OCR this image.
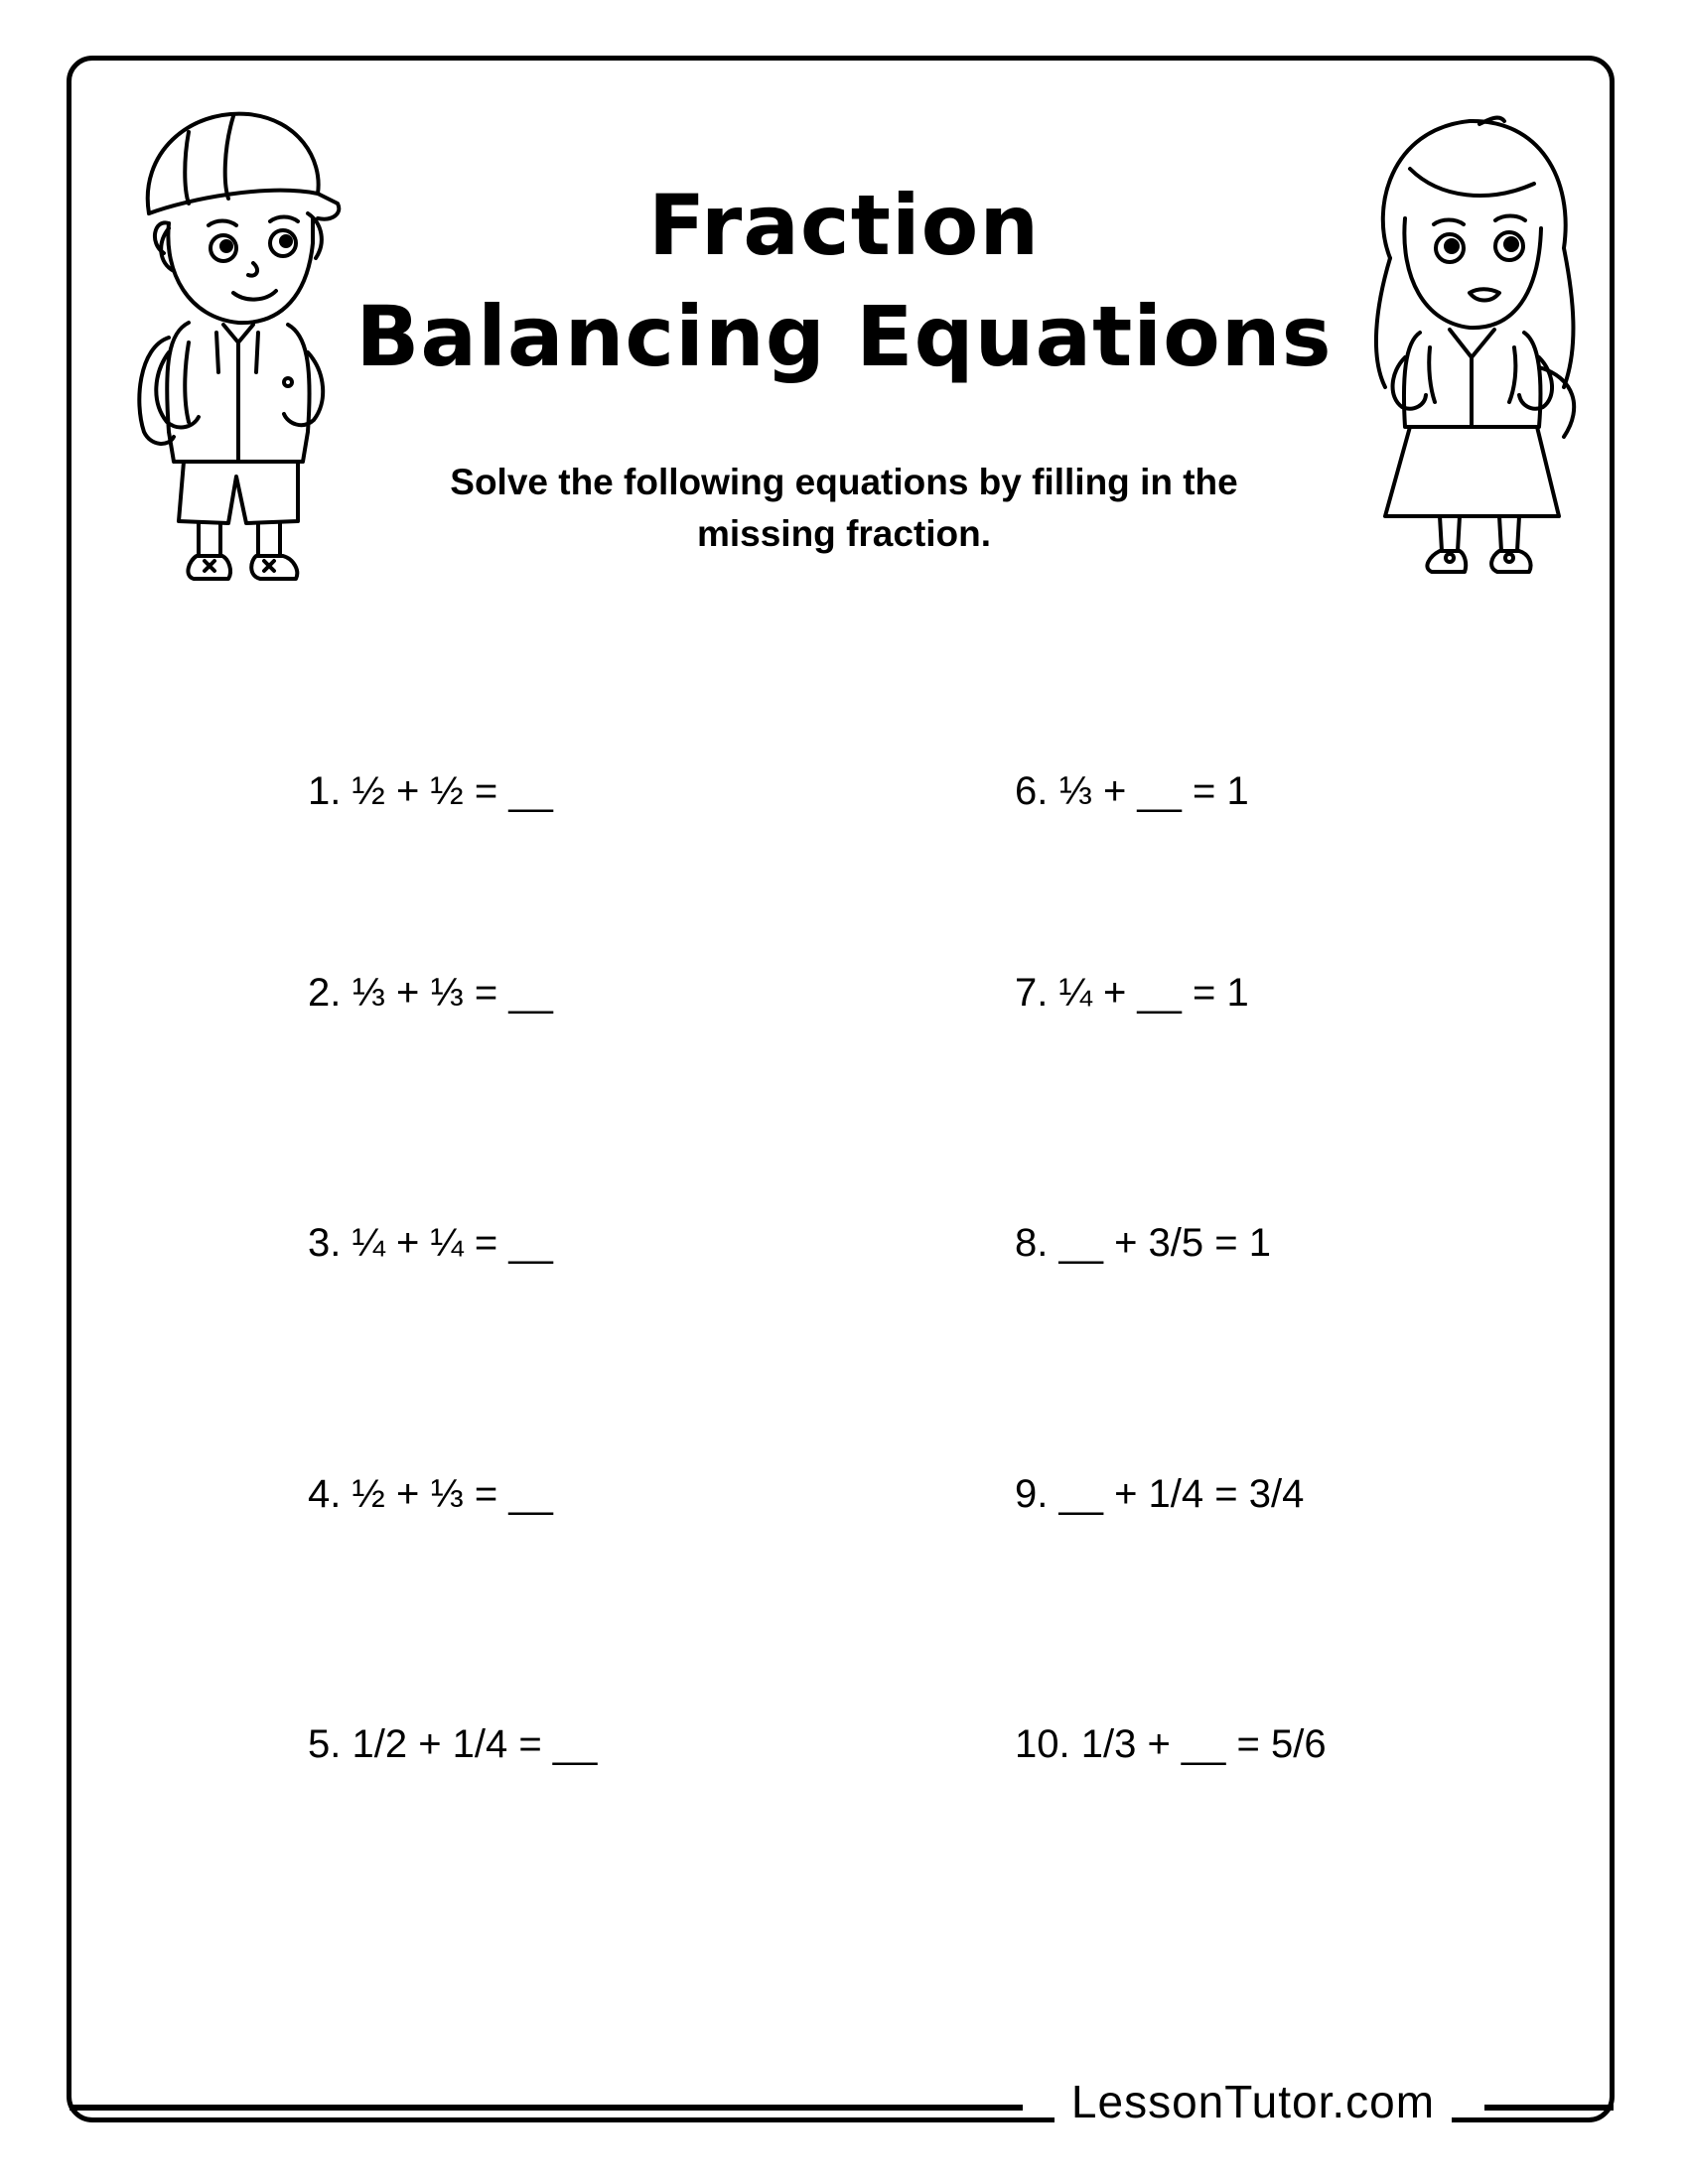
Fraction
Balancing Equations

Solve the following equations by filling in the missing fraction.

1. ½ + ½ = __
2. ⅓ + ⅓ = __
3. ¼ + ¼ = __
4. ½ + ⅓ = __
5. 1/2 + 1/4 = __
6. ⅓ + __ = 1
7. ¼ + __ = 1
8. __ + 3/5 = 1
9. __ + 1/4 = 3/4
10. 1/3 + __ = 5/6
LessonTutor.com
